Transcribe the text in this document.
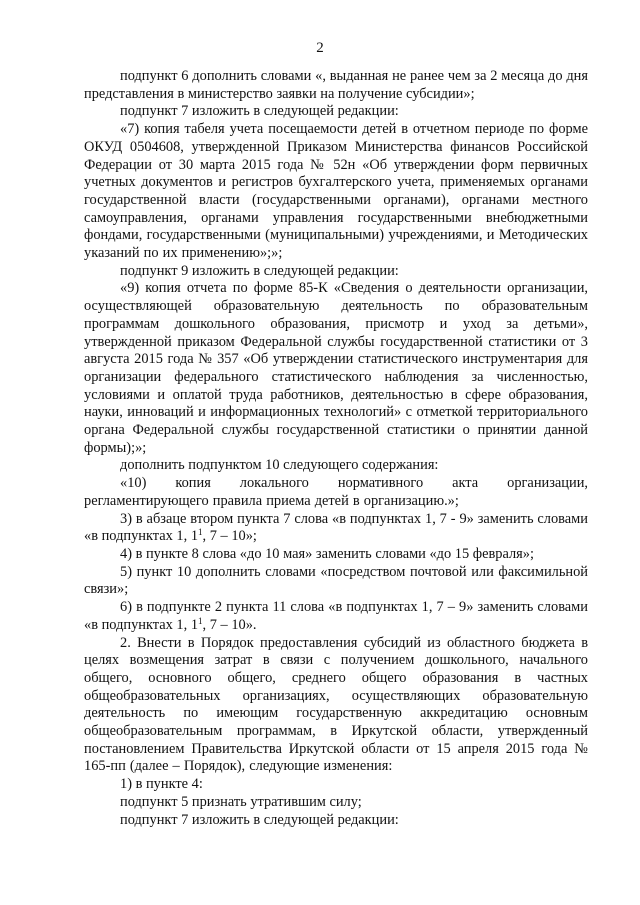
2

подпункт 6 дополнить словами «, выданная не ранее чем за 2 месяца до дня представления в министерство заявки на получение субсидии»;

подпункт 7 изложить в следующей редакции:

«7) копия табеля учета посещаемости детей в отчетном периоде по форме ОКУД 0504608, утвержденной Приказом Министерства финансов Российской Федерации от 30 марта 2015 года № 52н «Об утверждении форм первичных учетных документов и регистров бухгалтерского учета, применяемых органами государственной власти (государственными органами), органами местного самоуправления, органами управления государственными внебюджетными фондами, государственными (муниципальными) учреждениями, и Методических указаний по их применению»;»;

подпункт 9 изложить в следующей редакции:

«9) копия отчета по форме 85-К «Сведения о деятельности организации, осуществляющей образовательную деятельность по образовательным программам дошкольного образования, присмотр и уход за детьми», утвержденной приказом Федеральной службы государственной статистики от 3 августа 2015 года № 357 «Об утверждении статистического инструментария для организации федерального статистического наблюдения за численностью, условиями и оплатой труда работников, деятельностью в сфере образования, науки, инноваций и информационных технологий» с отметкой территориального органа Федеральной службы государственной статистики о принятии данной формы);»;

дополнить подпунктом 10 следующего содержания:

«10) копия локального нормативного акта организации, регламентирующего правила приема детей в организацию.»;

3) в абзаце втором пункта 7 слова «в подпунктах 1, 7 - 9» заменить словами «в подпунктах 1, $1^1$, 7 – 10»;

4) в пункте 8 слова «до 10 мая» заменить словами «до 15 февраля»;

5) пункт 10 дополнить словами «посредством почтовой или факсимильной связи»;

6) в подпункте 2 пункта 11 слова «в подпунктах 1, 7 – 9» заменить словами «в подпунктах 1, $1^1$, 7 – 10».

2. Внести в Порядок предоставления субсидий из областного бюджета в целях возмещения затрат в связи с получением дошкольного, начального общего, основного общего, среднего общего образования в частных общеобразовательных организациях, осуществляющих образовательную деятельность по имеющим государственную аккредитацию основным общеобразовательным программам, в Иркутской области, утвержденный постановлением Правительства Иркутской области от 15 апреля 2015 года № 165-пп (далее – Порядок), следующие изменения:

1) в пункте 4:

подпункт 5 признать утратившим силу;

подпункт 7 изложить в следующей редакции:
